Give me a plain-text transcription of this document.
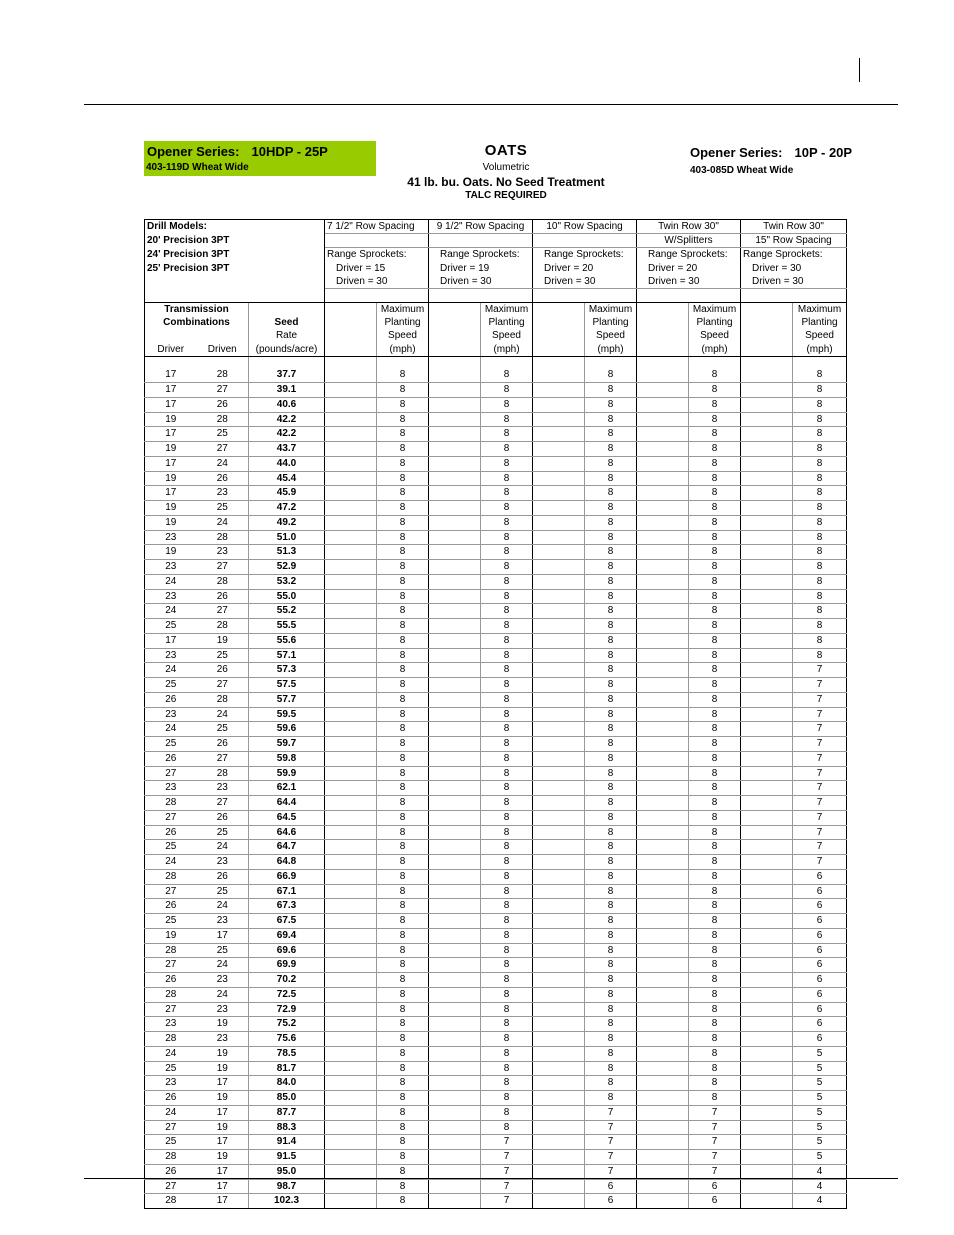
Opener Series: 10HDP - 25P
403-119D Wheat Wide
OATS
Volumetric
41 lb. bu. Oats. No Seed Treatment
TALC REQUIRED
Opener Series: 10P - 20P
403-085D Wheat Wide
Drill Models:			7 1/2" Row Spacing		9 1/2" Row Spacing		10" Row Spacing		Twin Row 30"		Twin Row 30"	
20' Precision 3PT									W/Splitters		15" Row Spacing	
24' Precision 3PT			Range Sprockets:		Range Sprockets:		Range Sprockets:		Range Sprockets:		Range Sprockets:	
25' Precision 3PT			Driver = 15		Driver = 19		Driver = 20		Driver = 20		Driver = 30	
			Driven = 30		Driven = 30		Driven = 30		Driven = 30		Driven = 30	

Transmission				Maximum		Maximum		Maximum		Maximum		Maximum
Combinations		Seed		Planting		Planting		Planting		Planting		Planting
		Rate		Speed		Speed		Speed		Speed		Speed
Driver	Driven	(pounds/acre)		(mph)		(mph)		(mph)		(mph)		(mph)

17	28	37.7		8		8		8		8		8
17	27	39.1		8		8		8		8		8
17	26	40.6		8		8		8		8		8
19	28	42.2		8		8		8		8		8
17	25	42.2		8		8		8		8		8
19	27	43.7		8		8		8		8		8
17	24	44.0		8		8		8		8		8
19	26	45.4		8		8		8		8		8
17	23	45.9		8		8		8		8		8
19	25	47.2		8		8		8		8		8
19	24	49.2		8		8		8		8		8
23	28	51.0		8		8		8		8		8
19	23	51.3		8		8		8		8		8
23	27	52.9		8		8		8		8		8
24	28	53.2		8		8		8		8		8
23	26	55.0		8		8		8		8		8
24	27	55.2		8		8		8		8		8
25	28	55.5		8		8		8		8		8
17	19	55.6		8		8		8		8		8
23	25	57.1		8		8		8		8		8
24	26	57.3		8		8		8		8		7
25	27	57.5		8		8		8		8		7
26	28	57.7		8		8		8		8		7
23	24	59.5		8		8		8		8		7
24	25	59.6		8		8		8		8		7
25	26	59.7		8		8		8		8		7
26	27	59.8		8		8		8		8		7
27	28	59.9		8		8		8		8		7
23	23	62.1		8		8		8		8		7
28	27	64.4		8		8		8		8		7
27	26	64.5		8		8		8		8		7
26	25	64.6		8		8		8		8		7
25	24	64.7		8		8		8		8		7
24	23	64.8		8		8		8		8		7
28	26	66.9		8		8		8		8		6
27	25	67.1		8		8		8		8		6
26	24	67.3		8		8		8		8		6
25	23	67.5		8		8		8		8		6
19	17	69.4		8		8		8		8		6
28	25	69.6		8		8		8		8		6
27	24	69.9		8		8		8		8		6
26	23	70.2		8		8		8		8		6
28	24	72.5		8		8		8		8		6
27	23	72.9		8		8		8		8		6
23	19	75.2		8		8		8		8		6
28	23	75.6		8		8		8		8		6
24	19	78.5		8		8		8		8		5
25	19	81.7		8		8		8		8		5
23	17	84.0		8		8		8		8		5
26	19	85.0		8		8		8		8		5
24	17	87.7		8		8		7		7		5
27	19	88.3		8		8		7		7		5
25	17	91.4		8		7		7		7		5
28	19	91.5		8		7		7		7		5
26	17	95.0		8		7		7		7		4
27	17	98.7		8		7		6		6		4
28	17	102.3		8		7		6		6		4
